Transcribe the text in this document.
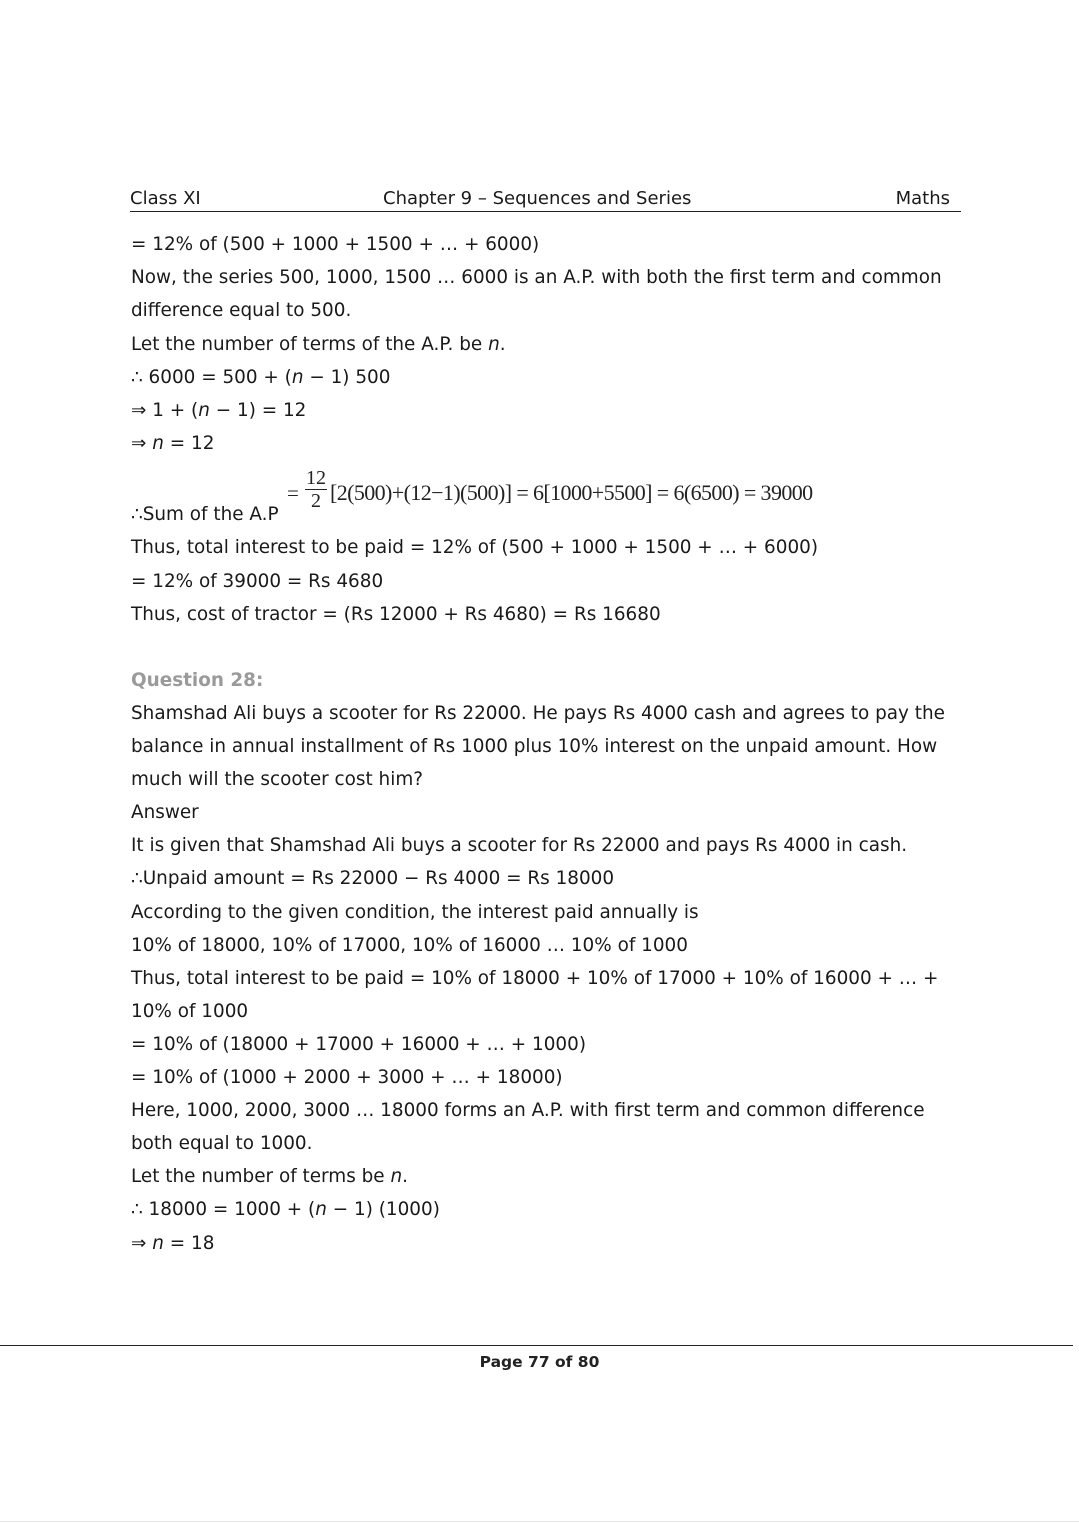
Class XI	Chapter 9 – Sequences and Series	Maths
= 12% of (500 + 1000 + 1500 + … + 6000)
Now, the series 500, 1000, 1500 … 6000 is an A.P. with both the first term and common
difference equal to 500.
Let the number of terms of the A.P. be n.
∴ 6000 = 500 + (n − 1) 500
⇒ 1 + (n − 1) = 12
⇒ n = 12
∴Sum of the A.P
= $\frac{12}{2} [2(500)+(12-1)(500)] = 6[1000+5500] = 6(6500) = 39000$
Thus, total interest to be paid = 12% of (500 + 1000 + 1500 + … + 6000)
= 12% of 39000 = Rs 4680
Thus, cost of tractor = (Rs 12000 + Rs 4680) = Rs 16680
Question 28:
Shamshad Ali buys a scooter for Rs 22000. He pays Rs 4000 cash and agrees to pay the
balance in annual installment of Rs 1000 plus 10% interest on the unpaid amount. How
much will the scooter cost him?
Answer
It is given that Shamshad Ali buys a scooter for Rs 22000 and pays Rs 4000 in cash.
∴Unpaid amount = Rs 22000 − Rs 4000 = Rs 18000
According to the given condition, the interest paid annually is
10% of 18000, 10% of 17000, 10% of 16000 … 10% of 1000
Thus, total interest to be paid = 10% of 18000 + 10% of 17000 + 10% of 16000 + … +
10% of 1000
= 10% of (18000 + 17000 + 16000 + … + 1000)
= 10% of (1000 + 2000 + 3000 + … + 18000)
Here, 1000, 2000, 3000 … 18000 forms an A.P. with first term and common difference
both equal to 1000.
Let the number of terms be n.
∴ 18000 = 1000 + (n − 1) (1000)
⇒ n = 18
Page 77 of 80
